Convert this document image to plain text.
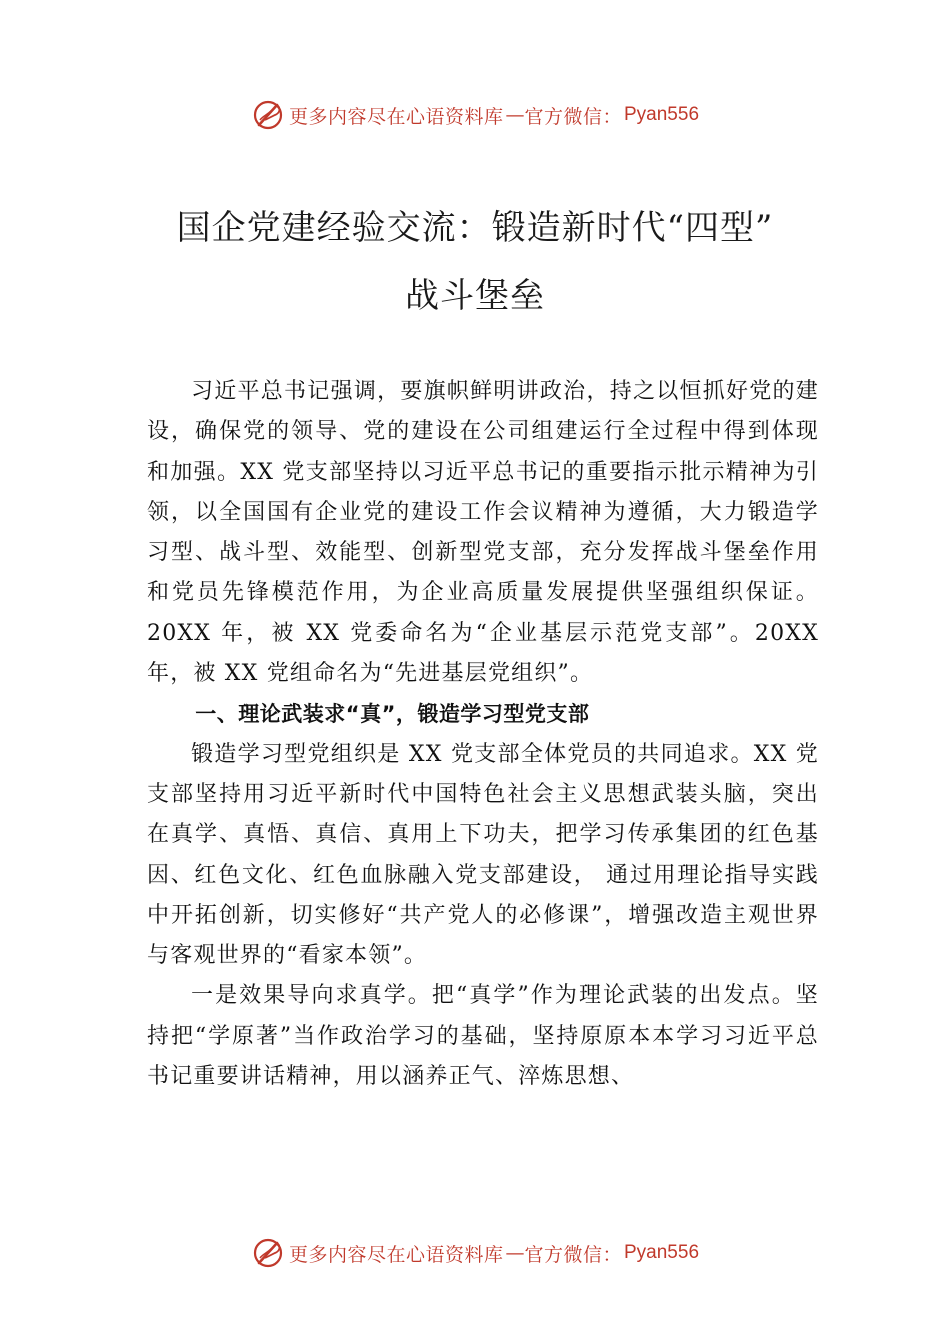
更多内容尽在心语资料库 — 官方微信： Pyan556
国企党建经验交流：锻造新时代“四型”
战斗堡垒

习近平总书记强调，要旗帜鲜明讲政治，持之以恒抓好党的建设，确保党的领导、党的建设在公司组建运行全过程中得到体现和加强。XX 党支部坚持以习近平总书记的重要指示批示精神为引领，以全国国有企业党的建设工作会议精神为遵循，大力锻造学习型、战斗型、效能型、创新型党支部，充分发挥战斗堡垒作用和党员先锋模范作用，为企业高质量发展提供坚强组织保证。20XX 年，被 XX 党委命名为“企业基层示范党支部”。20XX 年，被 XX 党组命名为“先进基层党组织”。

一、理论武装求“真”，锻造学习型党支部

锻造学习型党组织是 XX 党支部全体党员的共同追求。XX 党支部坚持用习近平新时代中国特色社会主义思想武装头脑，突出在真学、真悟、真信、真用上下功夫，把学习传承集团的红色基因、红色文化、红色血脉融入党支部建设， 通过用理论指导实践中开拓创新，切实修好“共产党人的必修课”，增强改造主观世界与客观世界的“看家本领”。

一是效果导向求真学。把“真学”作为理论武装的出发点。坚持把“学原著”当作政治学习的基础，坚持原原本本学习习近平总书记重要讲话精神，用以涵养正气、淬炼思想、

更多内容尽在心语资料库 — 官方微信： Pyan556
